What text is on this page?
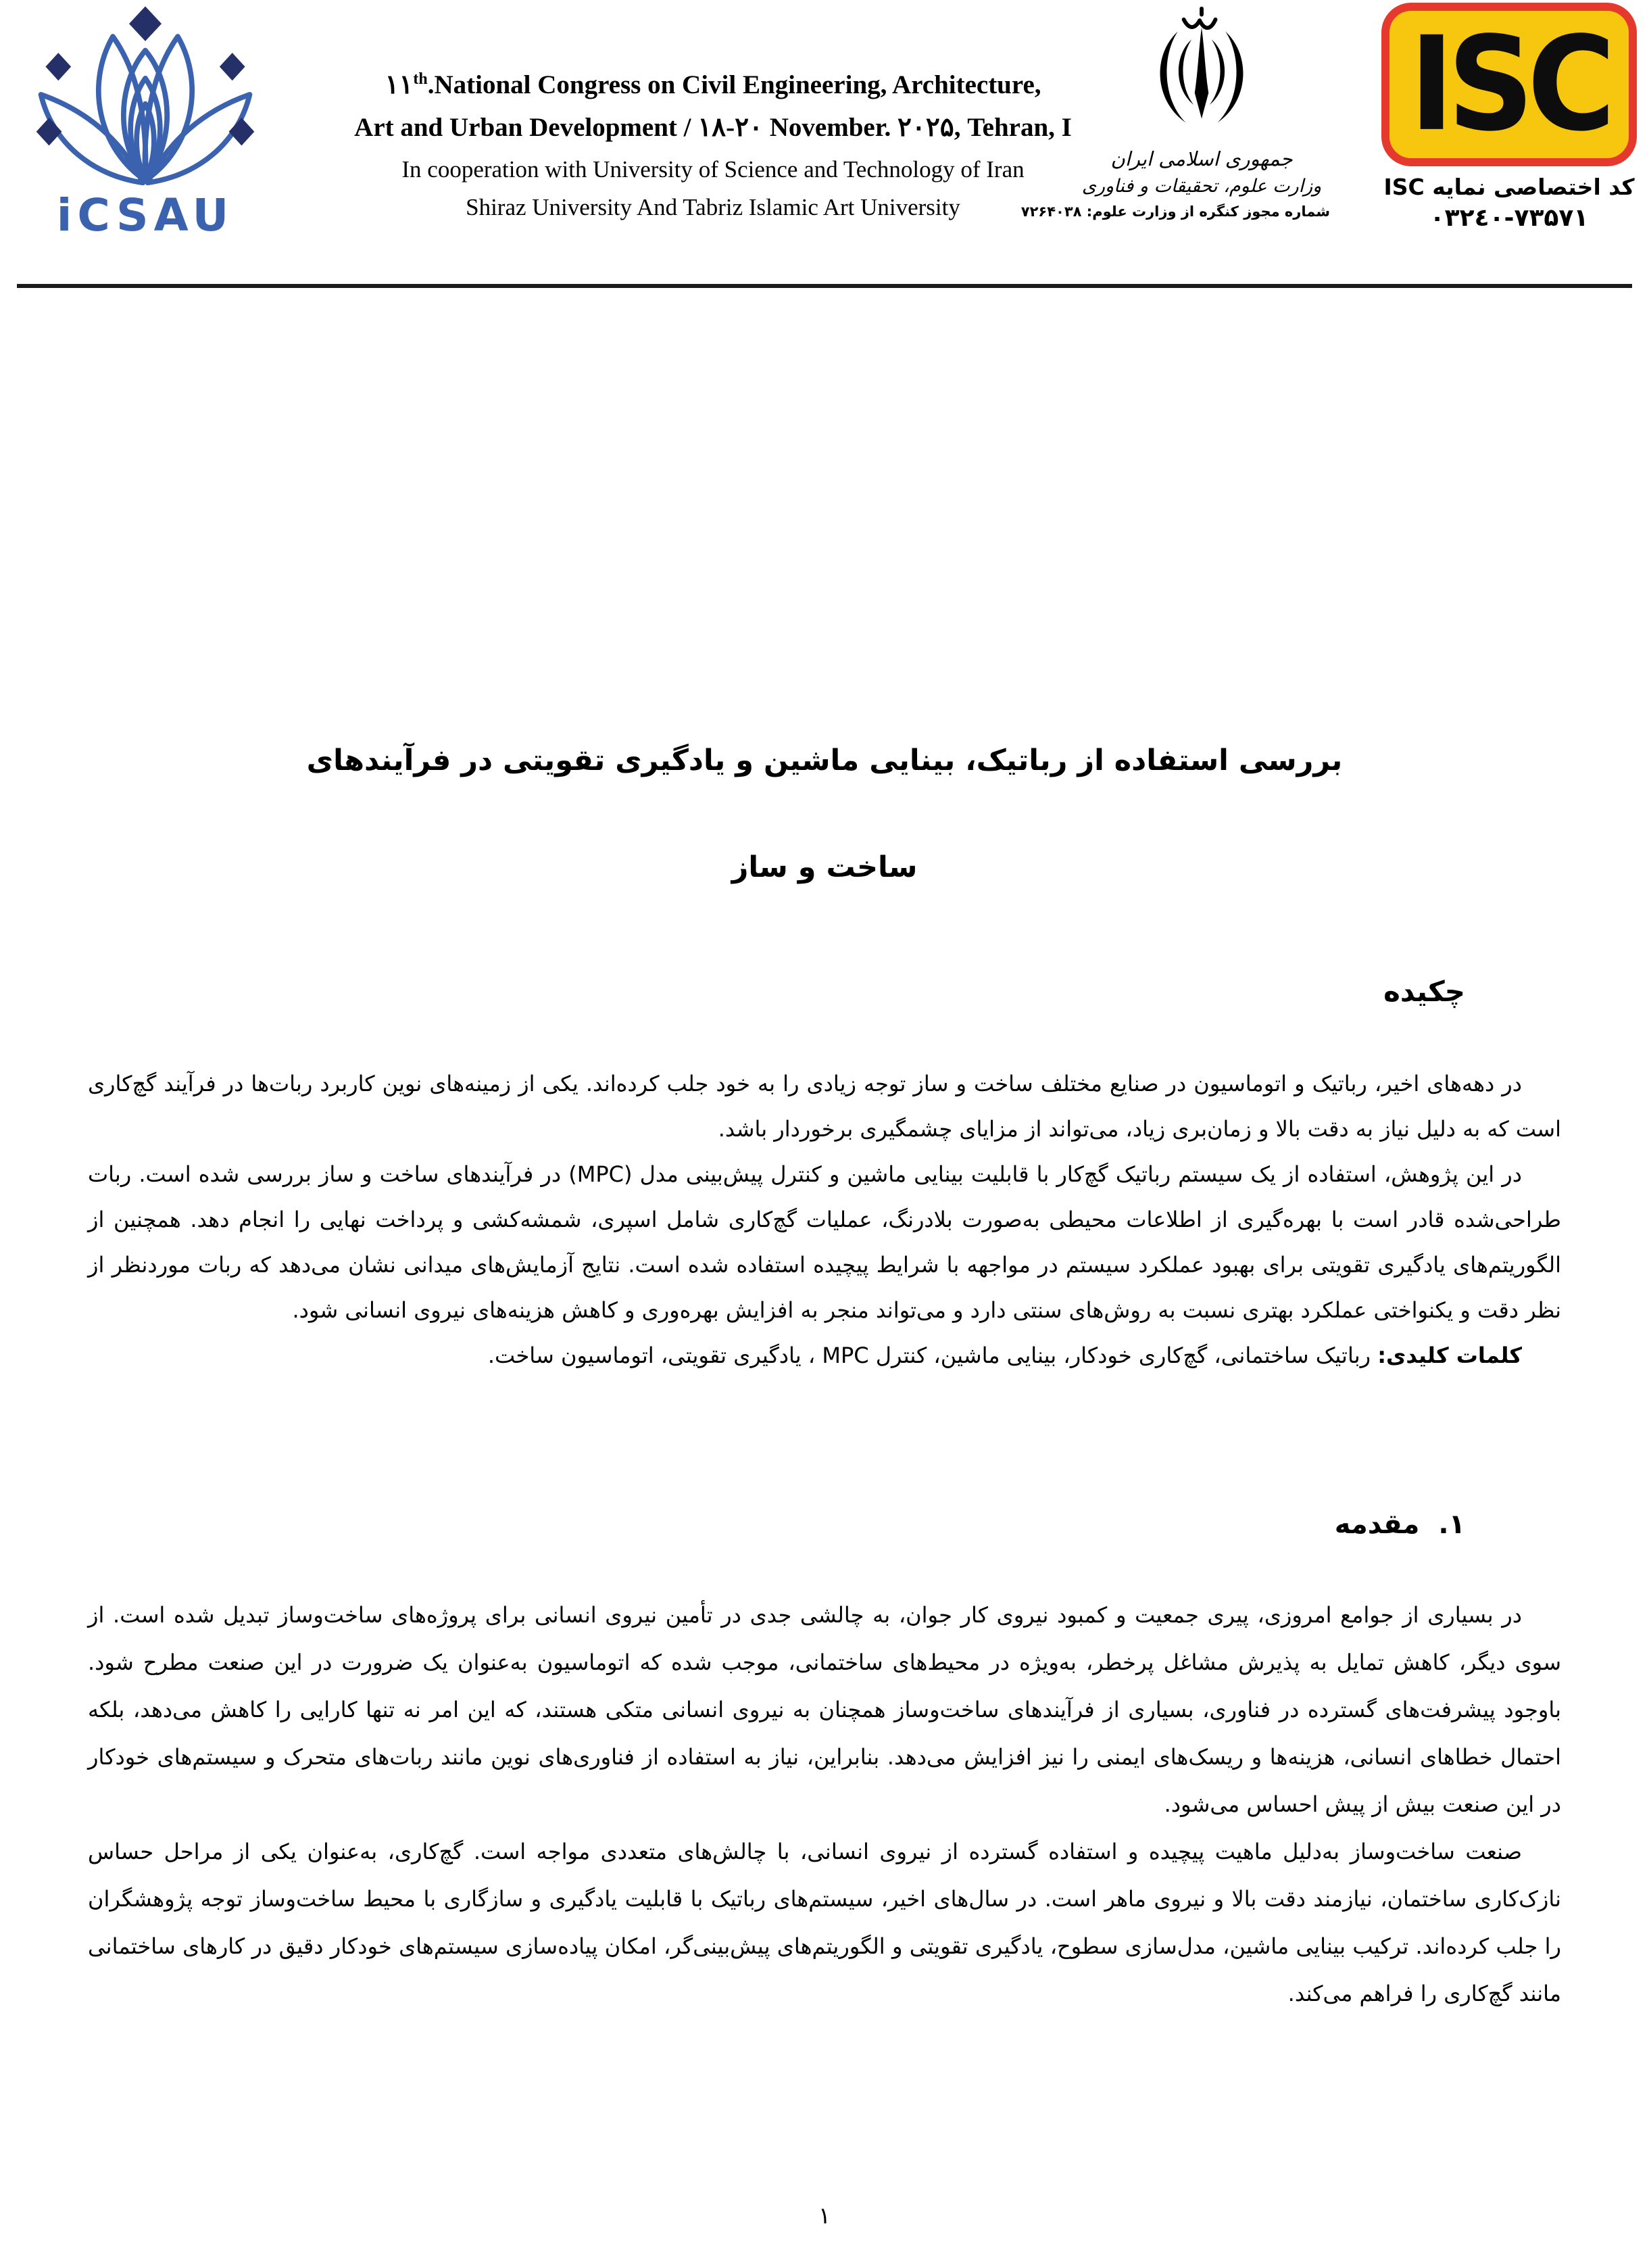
iCSAU
۱۱th.National Congress on Civil Engineering, Architecture,
Art and Urban Development / ۱۸-۲۰ November. ۲۰۲۵, Tehran, I
In cooperation with University of Science and Technology of Iran
Shiraz University And Tabriz Islamic Art University
جمهوری اسلامی ایران
وزارت علوم، تحقیقات و فناوری
شماره مجوز کنگره از وزارت علوم: ۷۲۶۴۰۳۸
ISC
کد اختصاصی نمایه ISC
۰۳۲٤۰-۷۳۵۷۱
بررسی استفاده از رباتیک، بینایی ماشین و یادگیری تقویتی در فرآیندهای
ساخت و ساز
چکیده

در دهه‌های اخیر، رباتیک و اتوماسیون در صنایع مختلف ساخت و ساز توجه زیادی را به خود جلب کرده‌اند. یکی از زمینه‌های نوین کاربرد ربات‌ها در فرآیند گچ‌کاری است که به دلیل نیاز به دقت بالا و زمان‌بری زیاد، می‌تواند از مزایای چشمگیری برخوردار باشد.

در این پژوهش، استفاده از یک سیستم رباتیک گچ‌کار با قابلیت بینایی ماشین و کنترل پیش‌بینی مدل (MPC) در فرآیندهای ساخت و ساز بررسی شده است. ربات طراحی‌شده قادر است با بهره‌گیری از اطلاعات محیطی به‌صورت بلادرنگ، عملیات گچ‌کاری شامل اسپری، شمشه‌کشی و پرداخت نهایی را انجام دهد. همچنین از الگوریتم‌های یادگیری تقویتی برای بهبود عملکرد سیستم در مواجهه با شرایط پیچیده استفاده شده است. نتایج آزمایش‌های میدانی نشان می‌دهد که ربات موردنظر از نظر دقت و یکنواختی عملکرد بهتری نسبت به روش‌های سنتی دارد و می‌تواند منجر به افزایش بهره‌وری و کاهش هزینه‌های نیروی انسانی شود.

کلمات کلیدی: رباتیک ساختمانی، گچ‌کاری خودکار، بینایی ماشین، کنترل MPC ، یادگیری تقویتی، اتوماسیون ساخت.

۱.مقدمه

در بسیاری از جوامع امروزی، پیری جمعیت و کمبود نیروی کار جوان، به چالشی جدی در تأمین نیروی انسانی برای پروژه‌های ساخت‌وساز تبدیل شده است. از سوی دیگر، کاهش تمایل به پذیرش مشاغل پرخطر، به‌ویژه در محیط‌های ساختمانی، موجب شده که اتوماسیون به‌عنوان یک ضرورت در این صنعت مطرح شود. باوجود پیشرفت‌های گسترده در فناوری، بسیاری از فرآیندهای ساخت‌وساز همچنان به نیروی انسانی متکی هستند، که این امر نه تنها کارایی را کاهش می‌دهد، بلکه احتمال خطاهای انسانی، هزینه‌ها و ریسک‌های ایمنی را نیز افزایش می‌دهد. بنابراین، نیاز به استفاده از فناوری‌های نوین مانند ربات‌های متحرک و سیستم‌های خودکار در این صنعت بیش از پیش احساس می‌شود.

صنعت ساخت‌وساز به‌دلیل ماهیت پیچیده و استفاده گسترده از نیروی انسانی، با چالش‌های متعددی مواجه است. گچ‌کاری، به‌عنوان یکی از مراحل حساس نازک‌کاری ساختمان، نیازمند دقت بالا و نیروی ماهر است. در سال‌های اخیر، سیستم‌های رباتیک با قابلیت یادگیری و سازگاری با محیط ساخت‌وساز توجه پژوهشگران را جلب کرده‌اند. ترکیب بینایی ماشین، مدل‌سازی سطوح، یادگیری تقویتی و الگوریتم‌های پیش‌بینی‌گر، امکان پیاده‌سازی سیستم‌های خودکار دقیق در کارهای ساختمانی مانند گچ‌کاری را فراهم می‌کند.

۱
